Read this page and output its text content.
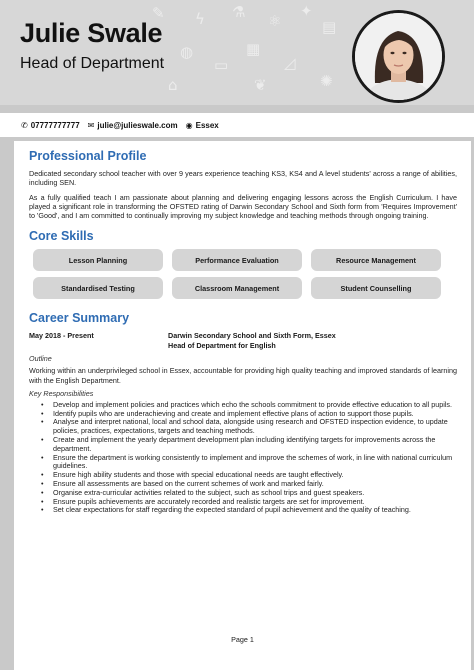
✎ ϟ ⚗ ⚛
✦
▤
◍
▭
▦
◿
⌂	❦	✺
Julie Swale
Head of Department
✆ 07777777777 ✉ julie@julieswale.com ◉ Essex
Professional Profile

Dedicated secondary school teacher with over 9 years experience teaching KS3, KS4 and A level students' across a range of abilities, including SEN.

As a fully qualified teach I am passionate about planning and delivering engaging lessons across the English Curriculum. I have played a significant role in transforming the OFSTED rating of Darwin Secondary School and Sixth form from 'Requires Improvement' to 'Good', and I am committed to continually improving my subject knowledge and teaching methods through ongoing training.

Core Skills
Lesson Planning	Performance Evaluation	Resource Management
Standardised Testing	Classroom Management	Student Counselling
Career Summary
May 2018 - Present	Darwin Secondary School and Sixth Form, Essex
Head of Department for English
Outline

Working within an underprivileged school in Essex, accountable for providing high quality teaching and improved standards of learning with the English Department.

Key Responsibilities
• Develop and implement policies and practices which echo the schools commitment to provide effective education to all pupils.
• Identify pupils who are underachieving and create and implement effective plans of action to support those pupils.
• Analyse and interpret national, local and school data, alongside using research and OFSTED inspection evidence, to update policies, practices, expectations, targets and teaching methods.
• Create and implement the yearly department development plan including identifying targets for improvements across the department.
• Ensure the department is working consistently to implement and improve the schemes of work, in line with national curriculum guidelines.
• Ensure high ability students and those with special educational needs are taught effectively.
• Ensure all assessments are based on the current schemes of work and marked fairly.
• Organise extra-curricular activities related to the subject, such as school trips and guest speakers.
• Ensure pupils achievements are accurately recorded and realistic targets are set for improvement.
• Set clear expectations for staff regarding the expected standard of pupil achievement and the quality of teaching.
Page 1
